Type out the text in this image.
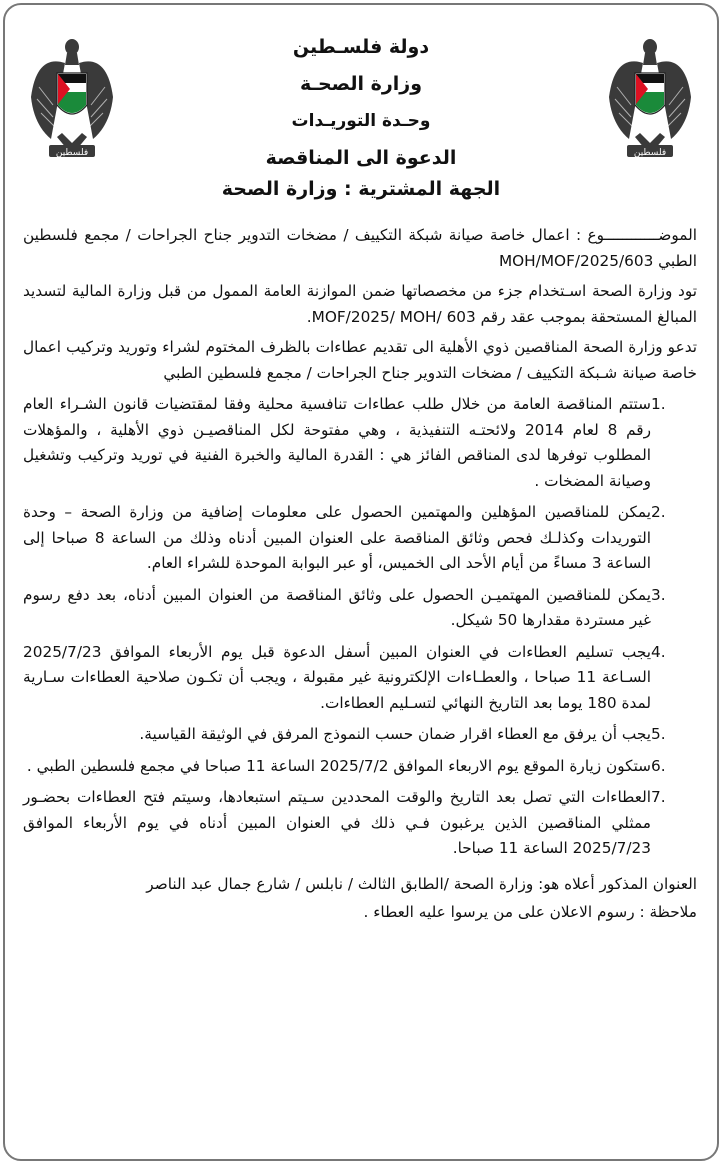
فلسطين	فلسطين
دولة فلسـطين
وزارة الصحـة
وحـدة التوريـدات
الدعوة الى المناقصة
الجهة المشترية : وزارة الصحة

الموضــــــــــــوع : اعمال خاصة صيانة شبكة التكييف / مضخات التدوير جناح الجراحات / مجمع فلسطين الطبي MOH/MOF/2025/603

تود وزارة الصحة اسـتخدام جزء من مخصصاتها ضمن الموازنة العامة الممول من قبل وزارة المالية لتسديد المبالغ المستحقة بموجب عقد رقم 603 /MOF/2025/ MOH.

تدعو وزارة الصحة المناقصين ذوي الأهلية الى تقديم عطاءات بالظرف المختوم لشراء وتوريد وتركيب اعمال خاصة صيانة شـبكة التكييف / مضخات التدوير جناح الجراحات / مجمع فلسطين الطبي

1.
ستتم المناقصة العامة من خلال طلب عطاءات تنافسية محلية وفقا لمقتضيات قانون الشـراء العام رقم 8 لعام 2014 ولائحتـه التنفيذية ، وهي مفتوحة لكل المناقصيـن ذوي الأهلية ، والمؤهلات المطلوب توفرها لدى المناقص الفائز هي : القدرة المالية والخبرة الفنية في توريد وتركيب وتشغيل وصيانة المضخات .
2.
يمكن للمناقصين المؤهلين والمهتمين الحصول على معلومات إضافية من وزارة الصحة – وحدة التوريدات وكذلـك فحص وثائق المناقصة على العنوان المبين أدناه وذلك من الساعة 8 صباحا إلى الساعة 3 مساءً من أيام الأحد الى الخميس، أو عبر البوابة الموحدة للشراء العام.
3.
يمكن للمناقصين المهتميـن الحصول على وثائق المناقصة من العنوان المبين أدناه، بعد دفع رسوم غير مستردة مقدارها 50 شيكل.
4.
يجب تسليم العطاءات في العنوان المبين أسفل الدعوة قبل يوم الأربعاء الموافق 2025/7/23 السـاعة 11 صباحا ، والعطـاءات الإلكترونية غير مقبولة ، ويجب أن تكـون صلاحية العطاءات سـارية لمدة 180 يوما بعد التاريخ النهائي لتسـليم العطاءات.
5.
يجب أن يرفق مع العطاء اقرار ضمان حسب النموذج المرفق في الوثيقة القياسية.
6.
ستكون زيارة الموقع يوم الاربعاء الموافق 2025/7/2 الساعة 11 صباحا في مجمع فلسطين الطبي .
7.
العطاءات التي تصل بعد التاريخ والوقت المحددين سـيتم استبعادها، وسيتم فتح العطاءات بحضـور ممثلي المناقصين الذين يرغبون فـي ذلك في العنوان المبين أدناه في يوم الأربعاء الموافق 2025/7/23 الساعة 11 صباحا.
العنوان المذكور أعلاه هو: وزارة الصحة /الطابق الثالث / نابلس / شارع جمال عبد الناصر
ملاحظة : رسوم الاعلان على من يرسوا عليه العطاء .
